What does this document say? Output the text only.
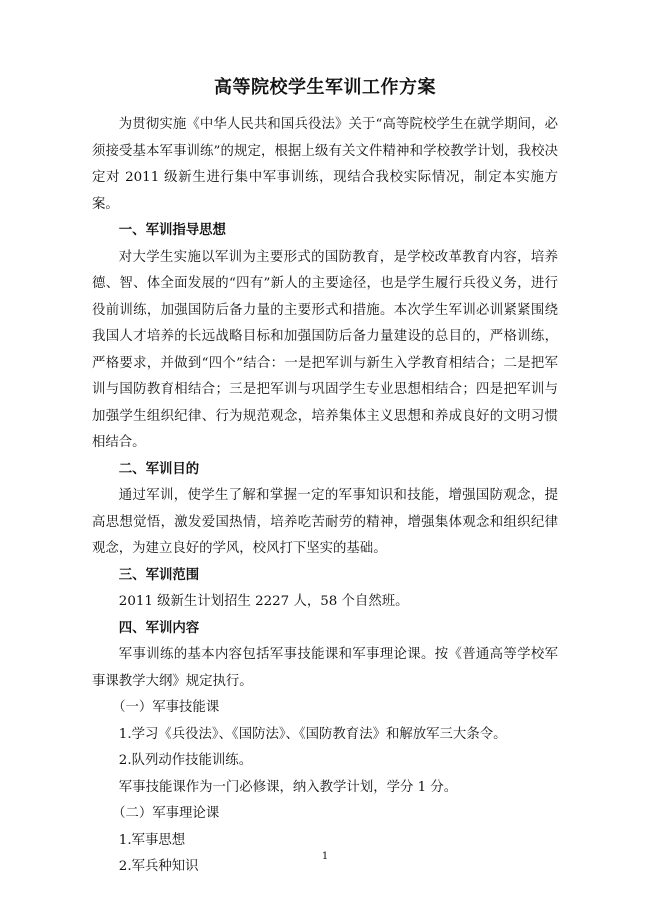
高等院校学生军训工作方案

为贯彻实施《中华人民共和国兵役法》关于“高等院校学生在就学期间，必须接受基本军事训练”的规定，根据上级有关文件精神和学校教学计划，我校决定对 2011 级新生进行集中军事训练，现结合我校实际情况，制定本实施方案。

一、军训指导思想

对大学生实施以军训为主要形式的国防教育，是学校改革教育内容，培养德、智、体全面发展的“四有”新人的主要途径，也是学生履行兵役义务，进行役前训练，加强国防后备力量的主要形式和措施。本次学生军训必训紧紧围绕我国人才培养的长远战略目标和加强国防后备力量建设的总目的，严格训练，严格要求，并做到“四个”结合：一是把军训与新生入学教育相结合；二是把军训与国防教育相结合；三是把军训与巩固学生专业思想相结合；四是把军训与加强学生组织纪律、行为规范观念，培养集体主义思想和养成良好的文明习惯相结合。

二、军训目的

通过军训，使学生了解和掌握一定的军事知识和技能，增强国防观念，提高思想觉悟，激发爱国热情，培养吃苦耐劳的精神，增强集体观念和组织纪律观念，为建立良好的学风，校风打下坚实的基础。

三、军训范围

2011 级新生计划招生 2227 人，58 个自然班。

四、军训内容

军事训练的基本内容包括军事技能课和军事理论课。按《普通高等学校军事课教学大纲》规定执行。

（一）军事技能课

1.学习《兵役法》、《国防法》、《国防教育法》和解放军三大条令。

2.队列动作技能训练。

军事技能课作为一门必修课，纳入教学计划，学分 1 分。

（二）军事理论课

1.军事思想

2.军兵种知识

1
